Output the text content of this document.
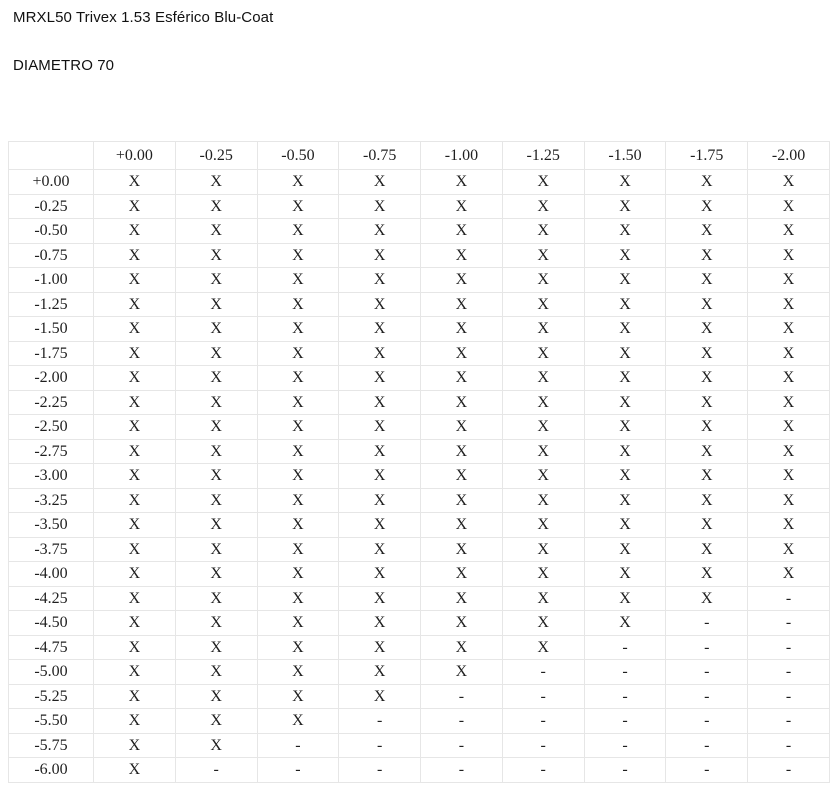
MRXL50 Trivex 1.53 Esférico Blu-Coat
DIAMETRO 70
	+0.00	-0.25	-0.50	-0.75	-1.00	-1.25	-1.50	-1.75	-2.00
+0.00	X	X	X	X	X	X	X	X	X
-0.25	X	X	X	X	X	X	X	X	X
-0.50	X	X	X	X	X	X	X	X	X
-0.75	X	X	X	X	X	X	X	X	X
-1.00	X	X	X	X	X	X	X	X	X
-1.25	X	X	X	X	X	X	X	X	X
-1.50	X	X	X	X	X	X	X	X	X
-1.75	X	X	X	X	X	X	X	X	X
-2.00	X	X	X	X	X	X	X	X	X
-2.25	X	X	X	X	X	X	X	X	X
-2.50	X	X	X	X	X	X	X	X	X
-2.75	X	X	X	X	X	X	X	X	X
-3.00	X	X	X	X	X	X	X	X	X
-3.25	X	X	X	X	X	X	X	X	X
-3.50	X	X	X	X	X	X	X	X	X
-3.75	X	X	X	X	X	X	X	X	X
-4.00	X	X	X	X	X	X	X	X	X
-4.25	X	X	X	X	X	X	X	X	-
-4.50	X	X	X	X	X	X	X	-	-
-4.75	X	X	X	X	X	X	-	-	-
-5.00	X	X	X	X	X	-	-	-	-
-5.25	X	X	X	X	-	-	-	-	-
-5.50	X	X	X	-	-	-	-	-	-
-5.75	X	X	-	-	-	-	-	-	-
-6.00	X	-	-	-	-	-	-	-	-
